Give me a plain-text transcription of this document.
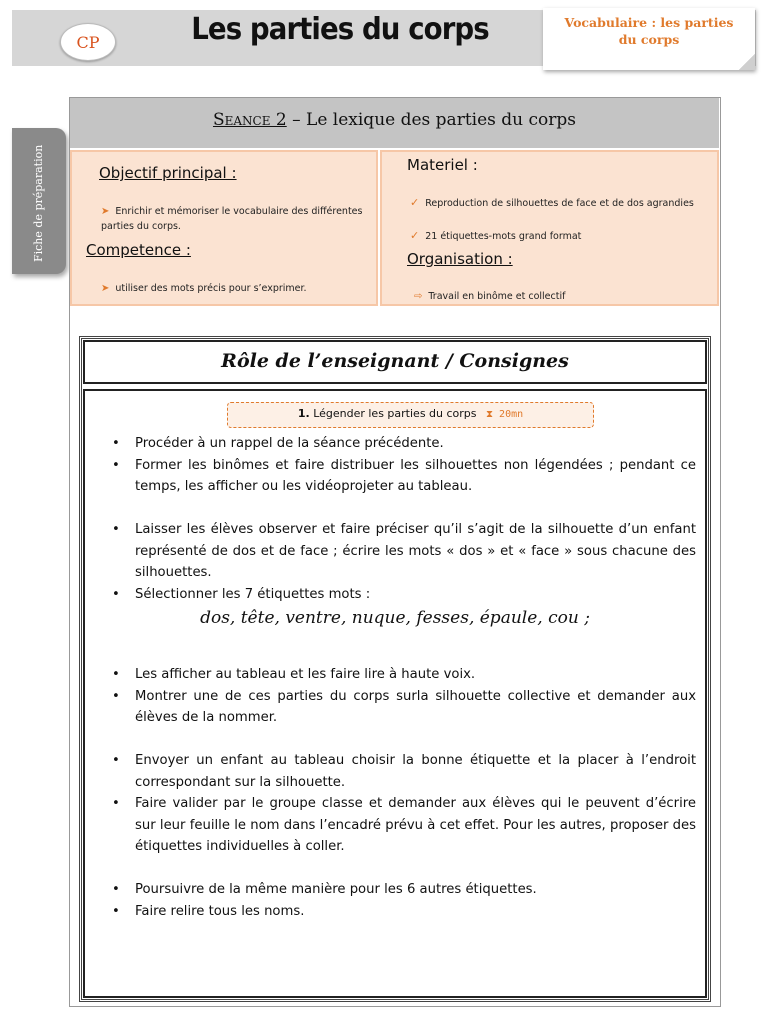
CP	Les parties du corps	Vocabulaire : les parties
du corps
Fiche de préparation
Seance 2 – Le lexique des parties du corps
Objectif principal :
➤ Enrichir et mémoriser le vocabulaire des différentes parties du corps.
Competence :
➤ utiliser des mots précis pour s’exprimer.
Materiel :
✓ Reproduction de silhouettes de face et de dos agrandies
✓ 21 étiquettes-mots grand format
Organisation :
⇨ Travail en binôme et collectif
Rôle de l’enseignant / Consignes
1. Légender les parties du corps ⧗ 20mn
• Procéder à un rappel de la séance précédente.
• Former les binômes et faire distribuer les silhouettes non légendées ; pendant ce temps, les afficher ou les vidéoprojeter au tableau.
• Laisser les élèves observer et faire préciser qu’il s’agit de la silhouette d’un enfant représenté de dos et de face ; écrire les mots « dos » et « face » sous chacune des silhouettes.
• Sélectionner les 7 étiquettes mots :
dos, tête, ventre, nuque, fesses, épaule, cou ;
• Les afficher au tableau et les faire lire à haute voix.
• Montrer une de ces parties du corps surla silhouette collective et demander aux élèves de la nommer.
• Envoyer un enfant au tableau choisir la bonne étiquette et la placer à l’endroit correspondant sur la silhouette.
• Faire valider par le groupe classe et demander aux élèves qui le peuvent d’écrire sur leur feuille le nom dans l’encadré prévu à cet effet. Pour les autres, proposer des étiquettes individuelles à coller.
• Poursuivre de la même manière pour les 6 autres étiquettes.
• Faire relire tous les noms.
